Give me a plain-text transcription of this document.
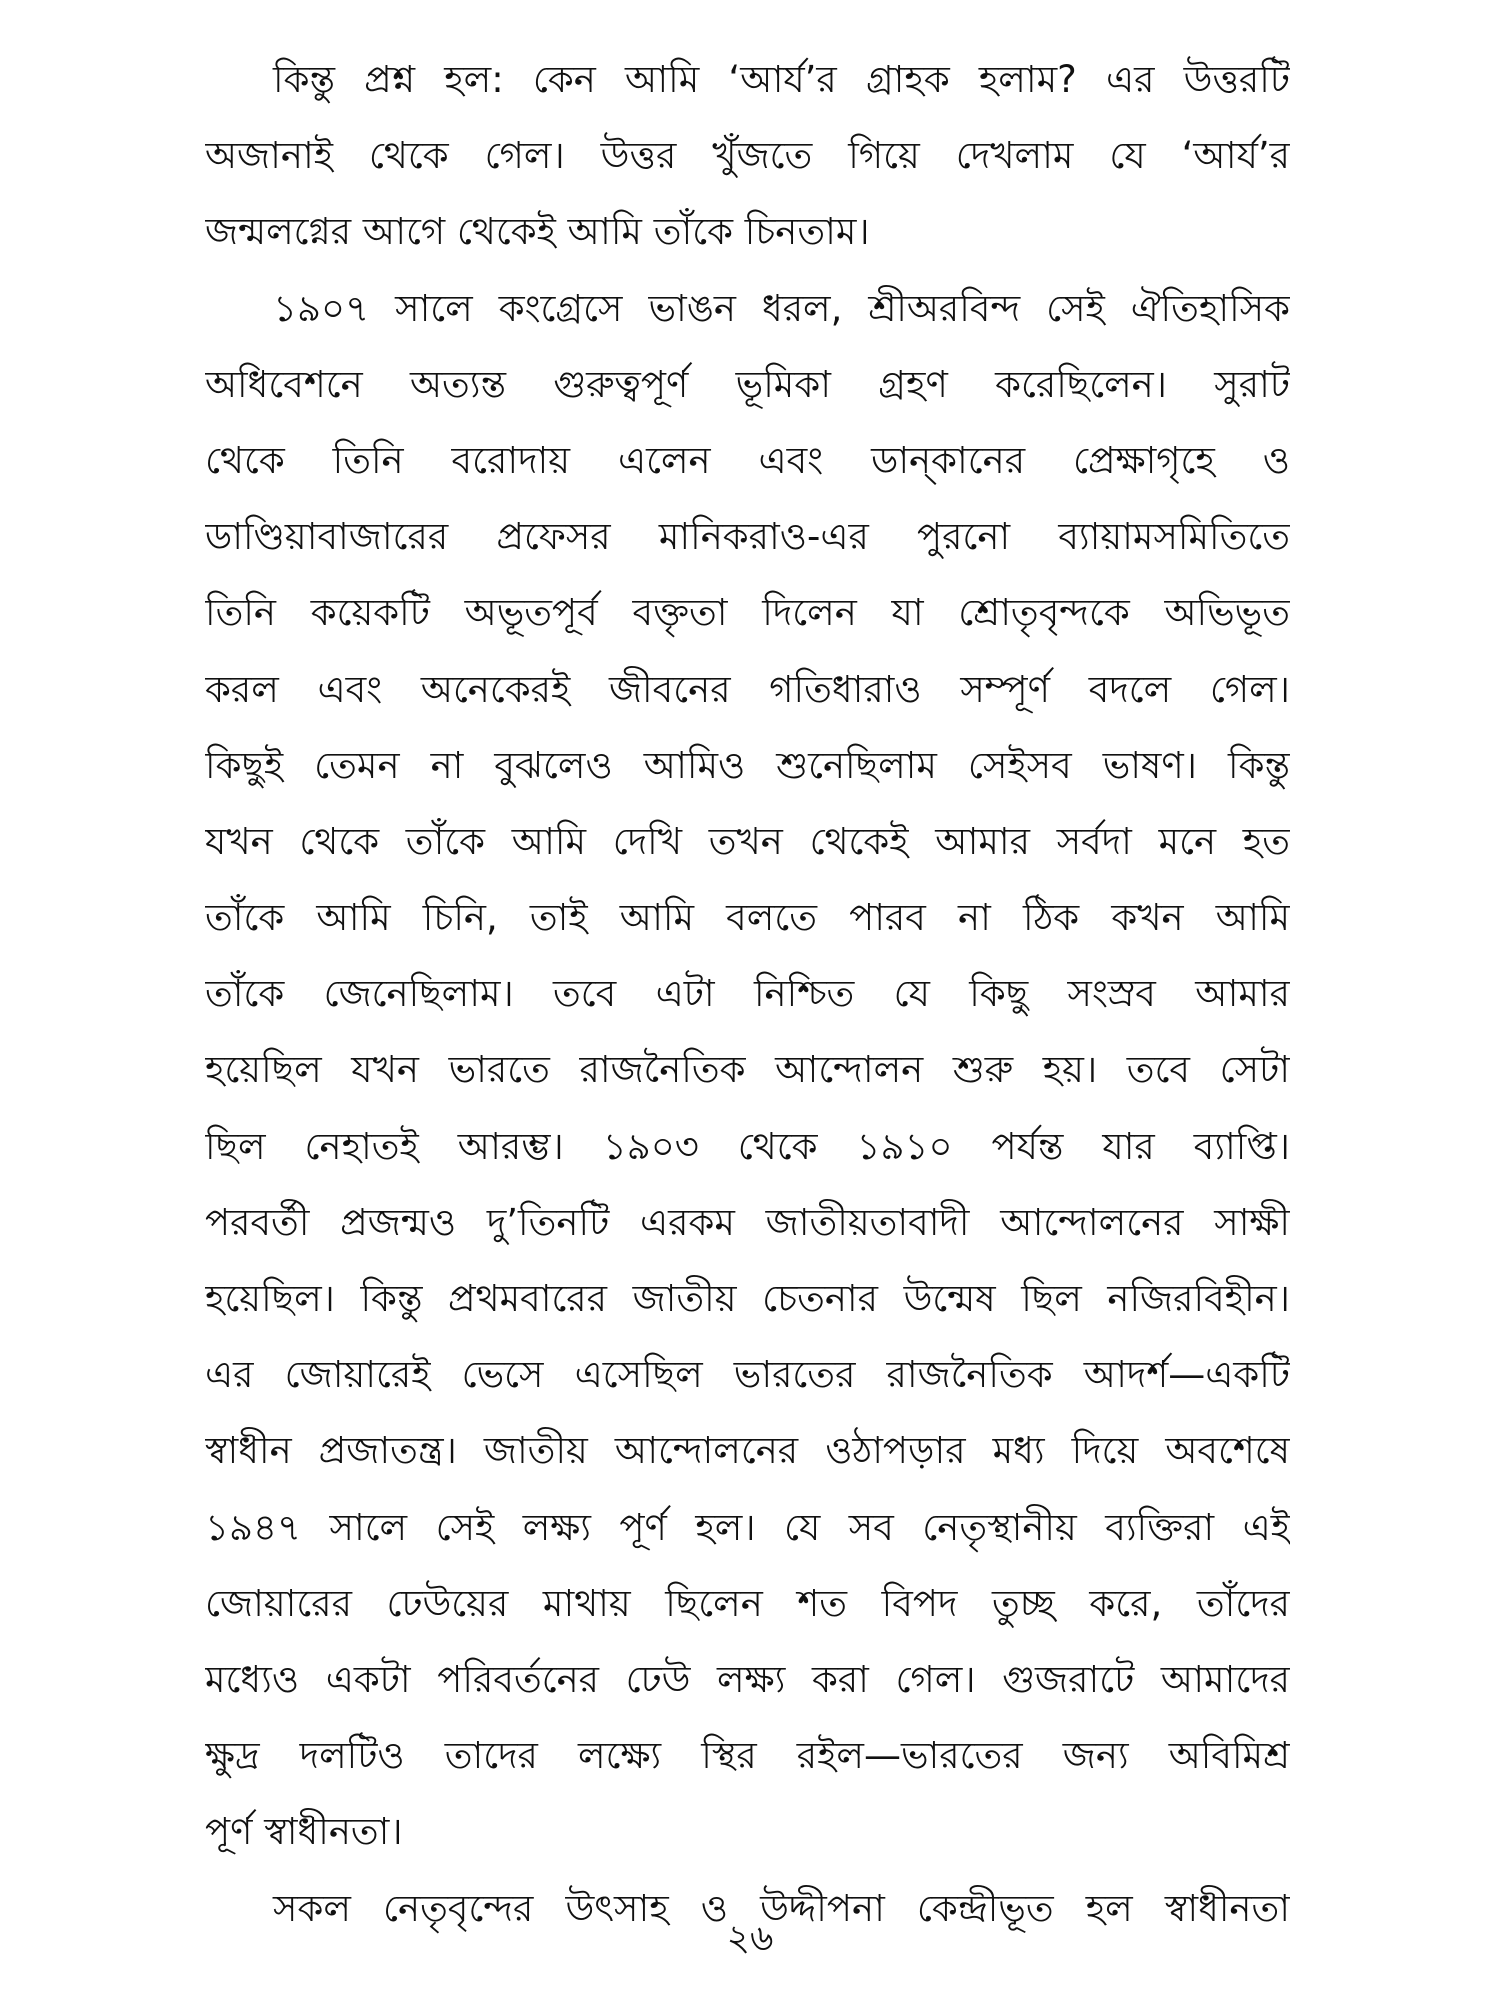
কিন্তু প্রশ্ন হল: কেন আমি ‘আর্য’র গ্রাহক হলাম? এর উত্তরটি
অজানাই থেকে গেল। উত্তর খুঁজতে গিয়ে দেখলাম যে ‘আর্য’র
জন্মলগ্নের আগে থেকেই আমি তাঁকে চিনতাম।
১৯০৭ সালে কংগ্রেসে ভাঙন ধরল, শ্রীঅরবিন্দ সেই ঐতিহাসিক
অধিবেশনে অত্যন্ত গুরুত্বপূর্ণ ভূমিকা গ্রহণ করেছিলেন। সুরাট
থেকে তিনি বরোদায় এলেন এবং ডান্‌কানের প্রেক্ষাগৃহে ও
ডাণ্ডিয়াবাজারের প্রফেসর মানিকরাও-এর পুরনো ব্যায়ামসমিতিতে
তিনি কয়েকটি অভূতপূর্ব বক্তৃতা দিলেন যা শ্রোতৃবৃন্দকে অভিভূত
করল এবং অনেকেরই জীবনের গতিধারাও সম্পূর্ণ বদলে গেল।
কিছুই তেমন না বুঝলেও আমিও শুনেছিলাম সেইসব ভাষণ। কিন্তু
যখন থেকে তাঁকে আমি দেখি তখন থেকেই আমার সর্বদা মনে হত
তাঁকে আমি চিনি, তাই আমি বলতে পারব না ঠিক কখন আমি
তাঁকে জেনেছিলাম। তবে এটা নিশ্চিত যে কিছু সংস্রব আমার
হয়েছিল যখন ভারতে রাজনৈতিক আন্দোলন শুরু হয়। তবে সেটা
ছিল নেহাতই আরম্ভ। ১৯০৩ থেকে ১৯১০ পর্যন্ত যার ব্যাপ্তি।
পরবর্তী প্রজন্মও দু’তিনটি এরকম জাতীয়তাবাদী আন্দোলনের সাক্ষী
হয়েছিল। কিন্তু প্রথমবারের জাতীয় চেতনার উন্মেষ ছিল নজিরবিহীন।
এর জোয়ারেই ভেসে এসেছিল ভারতের রাজনৈতিক আদর্শ—একটি
স্বাধীন প্রজাতন্ত্র। জাতীয় আন্দোলনের ওঠাপড়ার মধ্য দিয়ে অবশেষে
১৯৪৭ সালে সেই লক্ষ্য পূর্ণ হল। যে সব নেতৃস্থানীয় ব্যক্তিরা এই
জোয়ারের ঢেউয়ের মাথায় ছিলেন শত বিপদ তুচ্ছ করে, তাঁদের
মধ্যেও একটা পরিবর্তনের ঢেউ লক্ষ্য করা গেল। গুজরাটে আমাদের
ক্ষুদ্র দলটিও তাদের লক্ষ্যে স্থির রইল—ভারতের জন্য অবিমিশ্র
পূর্ণ স্বাধীনতা।
সকল নেতৃবৃন্দের উৎসাহ ও উদ্দীপনা কেন্দ্রীভূত হল স্বাধীনতা
২৬
